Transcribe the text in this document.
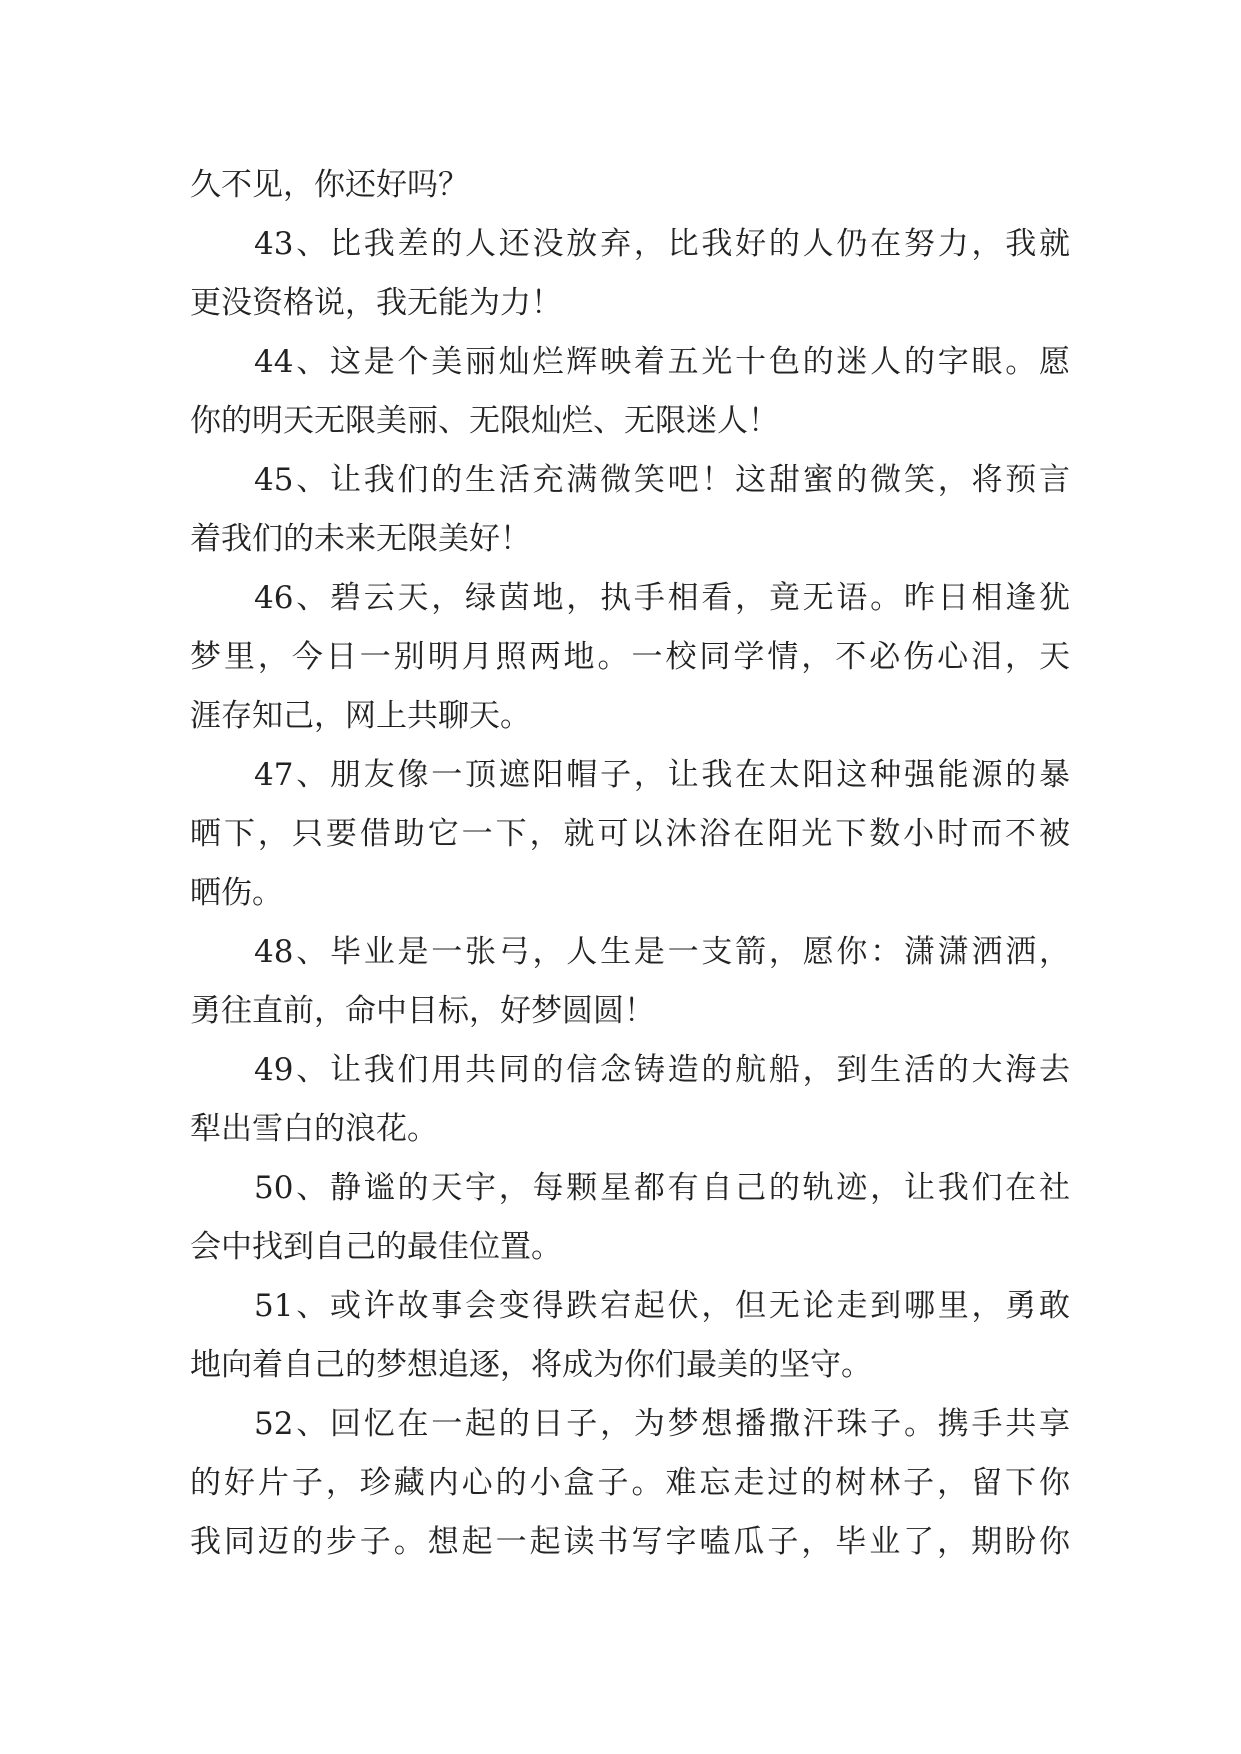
久不见，你还好吗？
43、比我差的人还没放弃，比我好的人仍在努力，我就
更没资格说，我无能为力！
44、这是个美丽灿烂辉映着五光十色的迷人的字眼。愿
你的明天无限美丽、无限灿烂、无限迷人！
45、让我们的生活充满微笑吧！这甜蜜的微笑，将预言
着我们的未来无限美好！
46、碧云天，绿茵地，执手相看，竟无语。昨日相逢犹
梦里，今日一别明月照两地。一校同学情，不必伤心泪，天
涯存知己，网上共聊天。
47、朋友像一顶遮阳帽子，让我在太阳这种强能源的暴
晒下，只要借助它一下，就可以沐浴在阳光下数小时而不被
晒伤。
48、毕业是一张弓，人生是一支箭，愿你：潇潇洒洒，
勇往直前，命中目标，好梦圆圆！
49、让我们用共同的信念铸造的航船，到生活的大海去
犁出雪白的浪花。
50、静谧的天宇，每颗星都有自己的轨迹，让我们在社
会中找到自己的最佳位置。
51、或许故事会变得跌宕起伏，但无论走到哪里，勇敢
地向着自己的梦想追逐，将成为你们最美的坚守。
52、回忆在一起的日子，为梦想播撒汗珠子。携手共享
的好片子，珍藏内心的小盒子。难忘走过的树林子，留下你
我同迈的步子。想起一起读书写字嗑瓜子，毕业了，期盼你
